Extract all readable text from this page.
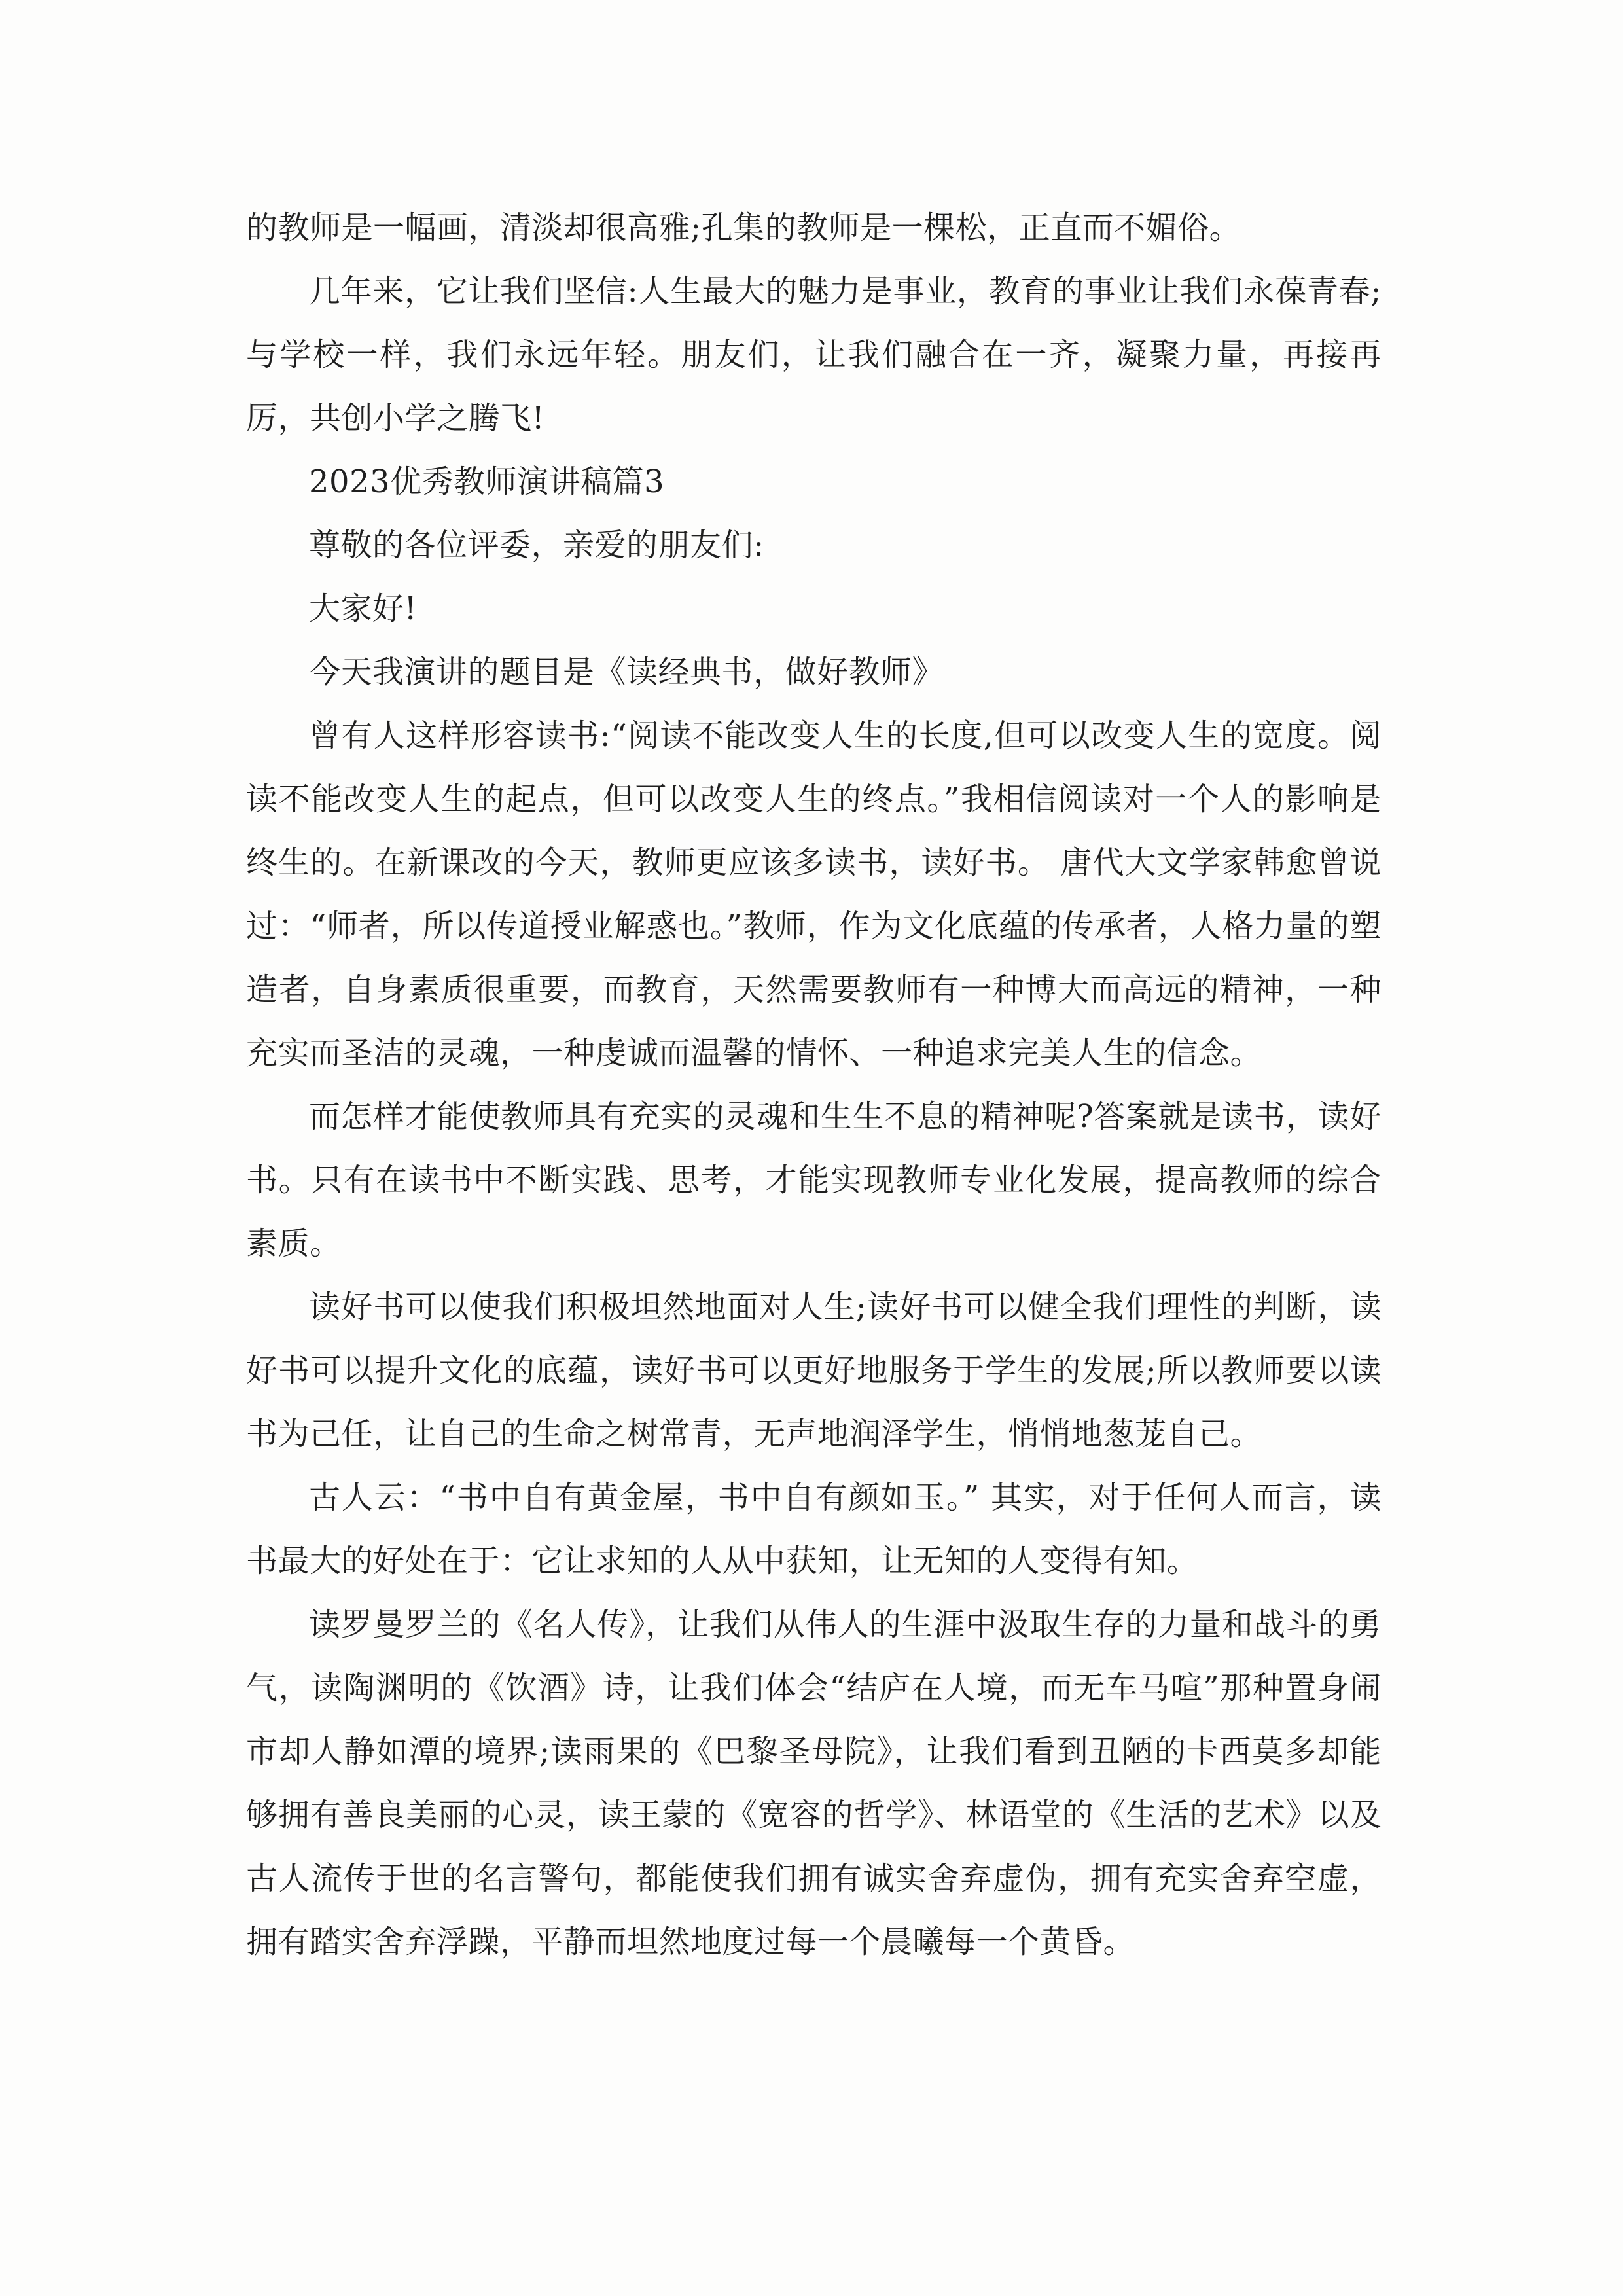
的教师是一幅画，清淡却很高雅;孔集的教师是一棵松，正直而不媚俗。

几年来，它让我们坚信:人生最大的魅力是事业，教育的事业让我们永葆青春;与学校一样，我们永远年轻。朋友们，让我们融合在一齐，凝聚力量，再接再厉，共创小学之腾飞!

2023优秀教师演讲稿篇3

尊敬的各位评委，亲爱的朋友们:

大家好!

今天我演讲的题目是《读经典书，做好教师》

曾有人这样形容读书:“阅读不能改变人生的长度,但可以改变人生的宽度。阅读不能改变人生的起点，但可以改变人生的终点。”我相信阅读对一个人的影响是终生的。在新课改的今天，教师更应该多读书，读好书。 唐代大文学家韩愈曾说过：“师者，所以传道授业解惑也。”教师，作为文化底蕴的传承者，人格力量的塑造者，自身素质很重要，而教育，天然需要教师有一种博大而高远的精神，一种充实而圣洁的灵魂，一种虔诚而温馨的情怀、一种追求完美人生的信念。

而怎样才能使教师具有充实的灵魂和生生不息的精神呢?答案就是读书，读好书。只有在读书中不断实践、思考，才能实现教师专业化发展，提高教师的综合素质。

读好书可以使我们积极坦然地面对人生;读好书可以健全我们理性的判断，读好书可以提升文化的底蕴，读好书可以更好地服务于学生的发展;所以教师要以读书为己任，让自己的生命之树常青，无声地润泽学生，悄悄地葱茏自己。

古人云：“书中自有黄金屋，书中自有颜如玉。” 其实，对于任何人而言，读书最大的好处在于：它让求知的人从中获知，让无知的人变得有知。

读罗曼罗兰的《名人传》，让我们从伟人的生涯中汲取生存的力量和战斗的勇气，读陶渊明的《饮酒》诗，让我们体会“结庐在人境，而无车马喧”那种置身闹市却人静如潭的境界;读雨果的《巴黎圣母院》，让我们看到丑陋的卡西莫多却能够拥有善良美丽的心灵，读王蒙的《宽容的哲学》、林语堂的《生活的艺术》以及古人流传于世的名言警句，都能使我们拥有诚实舍弃虚伪，拥有充实舍弃空虚，拥有踏实舍弃浮躁，平静而坦然地度过每一个晨曦每一个黄昏。
